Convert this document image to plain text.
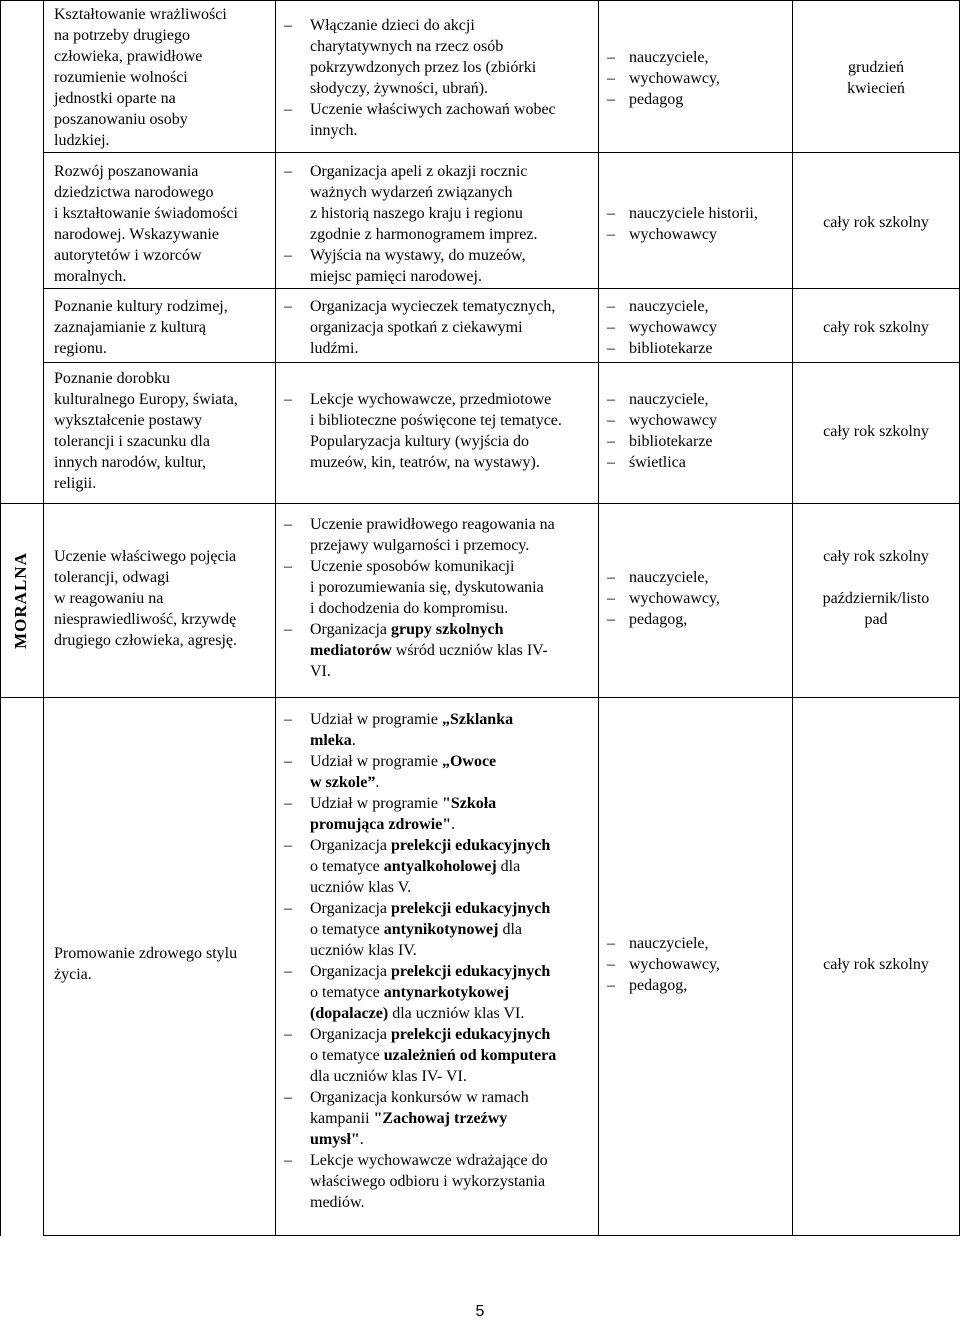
MORALNA
Kształtowanie wrażliwości
na potrzeby drugiego
człowieka, prawidłowe
rozumienie wolności
jednostki oparte na
poszanowaniu osoby
ludzkiej.
– Włączanie dzieci do akcji
charytatywnych na rzecz osób
pokrzywdzonych przez los (zbiórki
słodyczy, żywności, ubrań).
– Uczenie właściwych zachowań wobec
innych.
– nauczyciele,
– wychowawcy,
– pedagog
grudzień
kwiecień
Rozwój poszanowania
dziedzictwa narodowego
i kształtowanie świadomości
narodowej. Wskazywanie
autorytetów i wzorców
moralnych.
– Organizacja apeli z okazji rocznic
ważnych wydarzeń związanych
z historią naszego kraju i regionu
zgodnie z harmonogramem imprez.
– Wyjścia na wystawy, do muzeów,
miejsc pamięci narodowej.
– nauczyciele historii,
– wychowawcy
cały rok szkolny
Poznanie kultury rodzimej,
zaznajamianie z kulturą
regionu.
– Organizacja wycieczek tematycznych,
organizacja spotkań z ciekawymi
ludźmi.
– nauczyciele,
– wychowawcy
– bibliotekarze
cały rok szkolny
Poznanie dorobku
kulturalnego Europy, świata,
wykształcenie postawy
tolerancji i szacunku dla
innych narodów, kultur,
religii.
– Lekcje wychowawcze, przedmiotowe
i biblioteczne poświęcone tej tematyce.
Popularyzacja kultury (wyjścia do
muzeów, kin, teatrów, na wystawy).
– nauczyciele,
– wychowawcy
– bibliotekarze
– świetlica
cały rok szkolny
Uczenie właściwego pojęcia
tolerancji, odwagi
w reagowaniu na
niesprawiedliwość, krzywdę
drugiego człowieka, agresję.
– Uczenie prawidłowego reagowania na
przejawy wulgarności i przemocy.
– Uczenie sposobów komunikacji
i porozumiewania się, dyskutowania
i dochodzenia do kompromisu.
– Organizacja grupy szkolnych
mediatorów wśród uczniów klas IV-
VI.
– nauczyciele,
– wychowawcy,
– pedagog,
cały rok szkolny
październik/listo
pad
Promowanie zdrowego stylu
życia.
– Udział w programie „Szklanka
mleka.
– Udział w programie „Owoce
w szkole”.
– Udział w programie "Szkoła
promująca zdrowie".
– Organizacja prelekcji edukacyjnych
o tematyce antyalkoholowej dla
uczniów klas V.
– Organizacja prelekcji edukacyjnych
o tematyce antynikotynowej dla
uczniów klas IV.
– Organizacja prelekcji edukacyjnych
o tematyce antynarkotykowej
(dopalacze) dla uczniów klas VI.
– Organizacja prelekcji edukacyjnych
o tematyce uzależnień od komputera
dla uczniów klas IV- VI.
– Organizacja konkursów w ramach
kampanii "Zachowaj trzeźwy
umysł".
– Lekcje wychowawcze wdrażające do
właściwego odbioru i wykorzystania
mediów.
– nauczyciele,
– wychowawcy,
– pedagog,
cały rok szkolny
5
